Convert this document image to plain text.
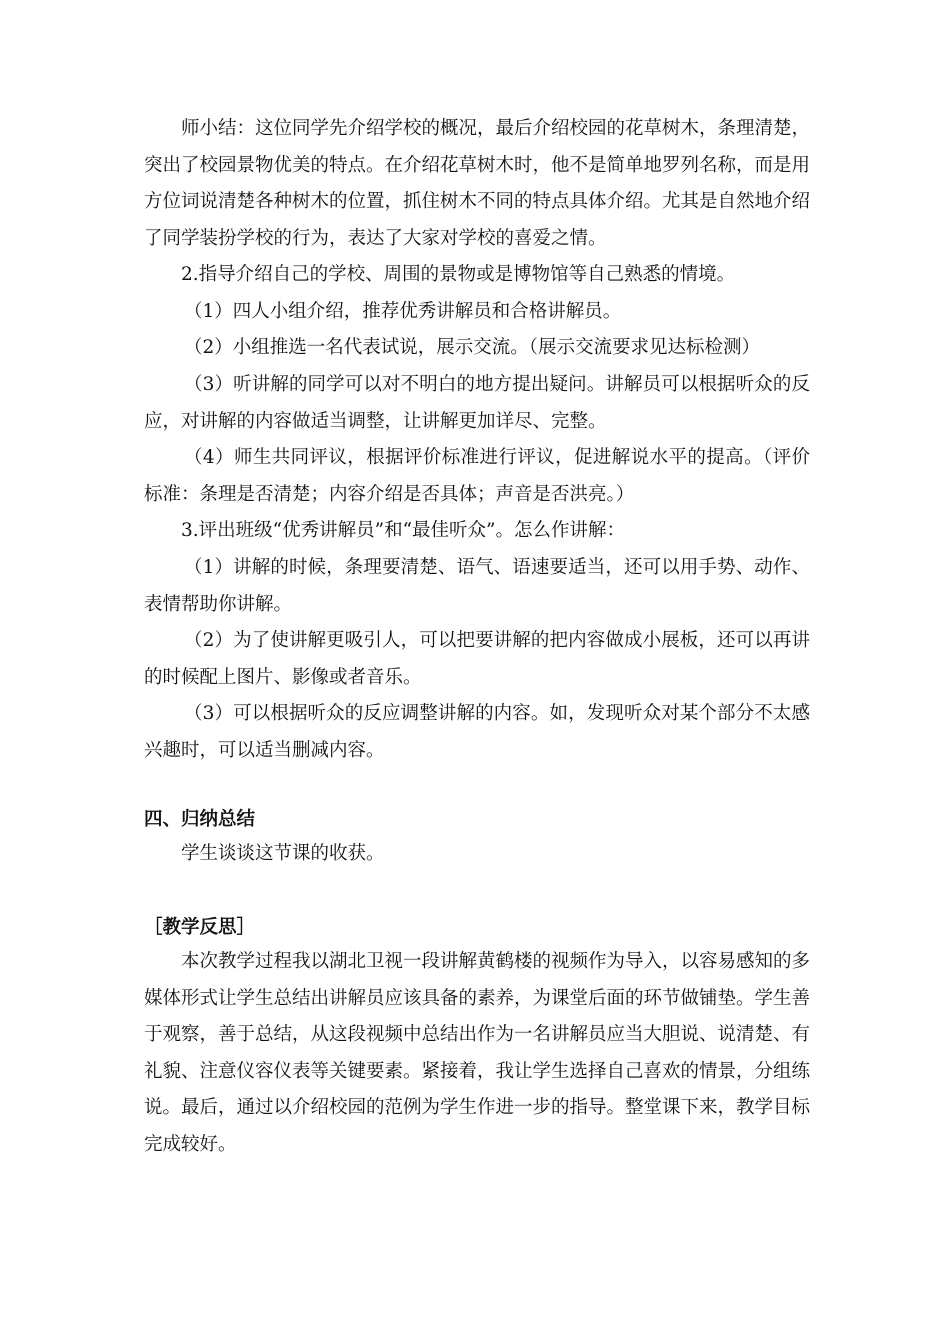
师小结：这位同学先介绍学校的概况，最后介绍校园的花草树木，条理清楚，突出了校园景物优美的特点。在介绍花草树木时，他不是简单地罗列名称，而是用方位词说清楚各种树木的位置，抓住树木不同的特点具体介绍。尤其是自然地介绍了同学装扮学校的行为，表达了大家对学校的喜爱之情。

2.指导介绍自己的学校、周围的景物或是博物馆等自己熟悉的情境。

（1）四人小组介绍，推荐优秀讲解员和合格讲解员。

（2）小组推选一名代表试说，展示交流。（展示交流要求见达标检测）

（3）听讲解的同学可以对不明白的地方提出疑问。讲解员可以根据听众的反应，对讲解的内容做适当调整，让讲解更加详尽、完整。

（4）师生共同评议，根据评价标准进行评议，促进解说水平的提高。（评价标准：条理是否清楚；内容介绍是否具体；声音是否洪亮。）

3.评出班级“优秀讲解员”和“最佳听众”。怎么作讲解：

（1）讲解的时候，条理要清楚、语气、语速要适当，还可以用手势、动作、表情帮助你讲解。

（2）为了使讲解更吸引人，可以把要讲解的把内容做成小展板，还可以再讲的时候配上图片、影像或者音乐。

（3）可以根据听众的反应调整讲解的内容。如，发现听众对某个部分不太感兴趣时，可以适当删减内容。

四、归纳总结

学生谈谈这节课的收获。

［教学反思］

本次教学过程我以湖北卫视一段讲解黄鹤楼的视频作为导入，以容易感知的多媒体形式让学生总结出讲解员应该具备的素养，为课堂后面的环节做铺垫。学生善于观察，善于总结，从这段视频中总结出作为一名讲解员应当大胆说、说清楚、有礼貌、注意仪容仪表等关键要素。紧接着，我让学生选择自己喜欢的情景，分组练说。最后，通过以介绍校园的范例为学生作进一步的指导。整堂课下来，教学目标完成较好。
